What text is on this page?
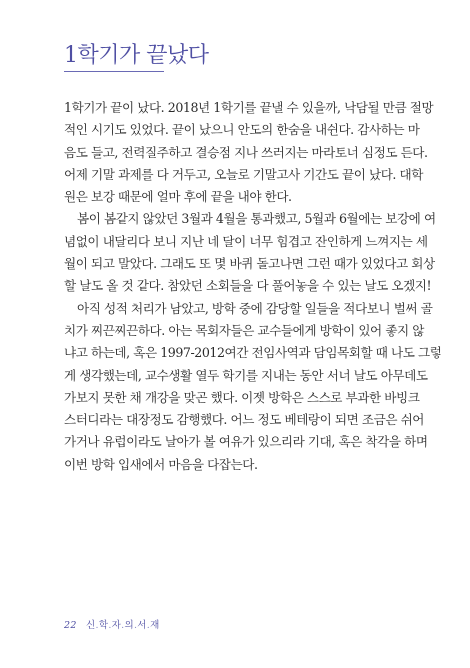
1학기가 끝났다

1학기가 끝이 났다. 2018년 1학기를 끝낼 수 있을까, 낙담될 만큼 절망
적인 시기도 있었다. 끝이 났으니 안도의 한숨을 내쉰다. 감사하는 마
음도 들고, 전력질주하고 결승점 지나 쓰러지는 마라토너 심정도 든다.
어제 기말 과제를 다 거두고, 오늘로 기말고사 기간도 끝이 났다. 대학
원은 보강 때문에 얼마 후에 끝을 내야 한다.

봄이 봄같지 않았던 3월과 4월을 통과했고, 5월과 6월에는 보강에 여
념없이 내달리다 보니 지난 네 달이 너무 힘겹고 잔인하게 느껴지는 세
월이 되고 말았다. 그래도 또 몇 바퀴 돌고나면 그런 때가 있었다고 회상
할 날도 올 것 같다. 참았던 소회들을 다 풀어놓을 수 있는 날도 오겠지!

아직 성적 처리가 남았고, 방학 중에 감당할 일들을 적다보니 벌써 골
치가 찌끈찌끈하다. 아는 목회자들은 교수들에게 방학이 있어 좋지 않
냐고 하는데, 혹은 1997-2012여간 전임사역과 담임목회할 때 나도 그렇
게 생각했는데, 교수생활 열두 학기를 지내는 동안 서너 날도 아무데도
가보지 못한 채 개강을 맞곤 했다. 이젯 방학은 스스로 부과한 바빙크
스터디라는 대장정도 감행했다. 어느 정도 베테랑이 되면 조금은 쉬어
가거나 유럽이라도 날아가 볼 여유가 있으리라 기대, 혹은 착각을 하며
이번 방학 입새에서 마음을 다잡는다.

22 신.학.자.의.서.재
